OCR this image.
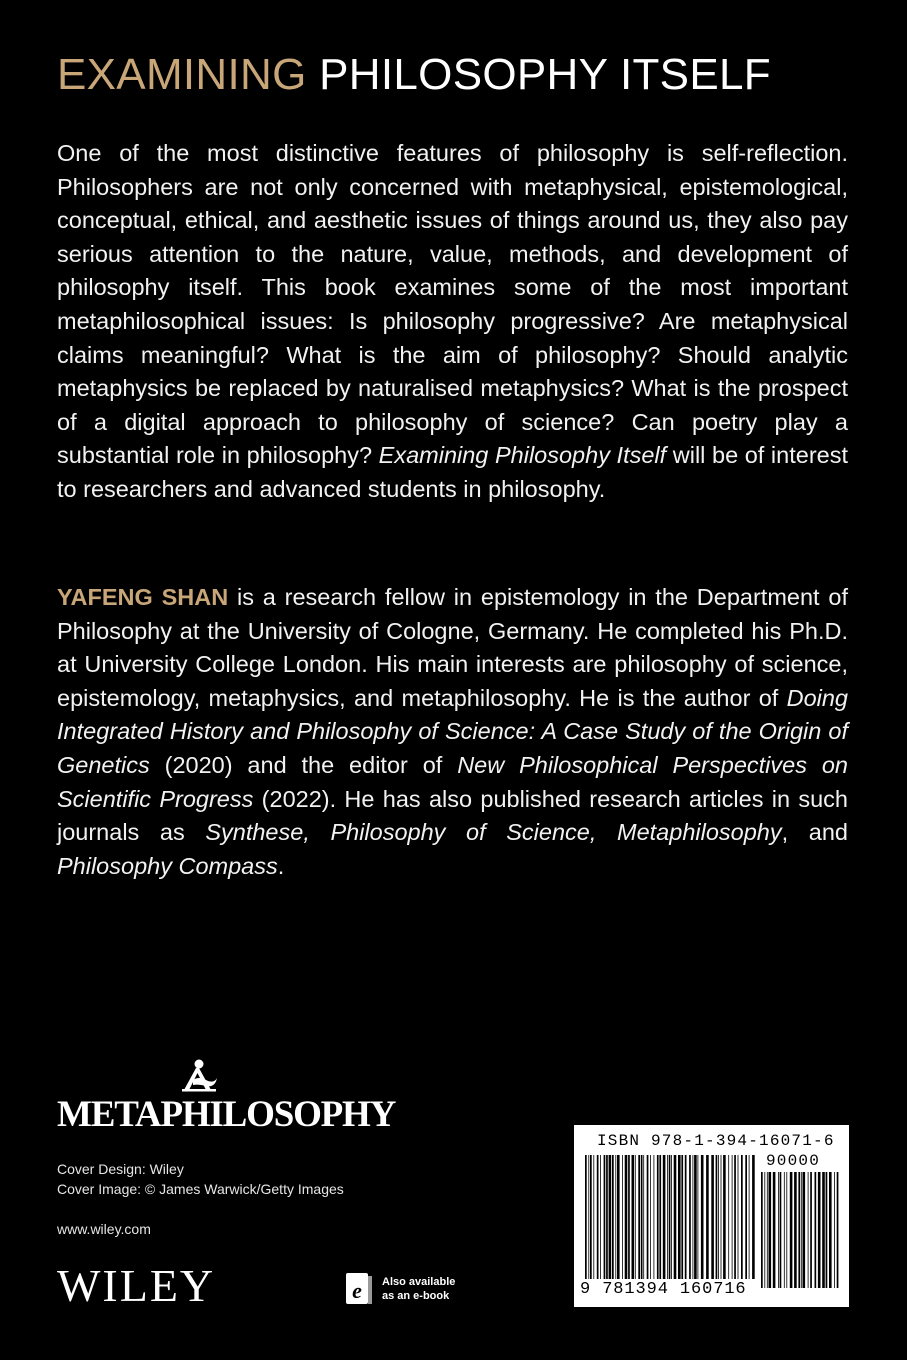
EXAMINING PHILOSOPHY ITSELF

One of the most distinctive features of philosophy is self-reflection. Philosophers are not only concerned with metaphysical, epistemological, conceptual, ethical, and aesthetic issues of things around us, they also pay serious attention to the nature, value, methods, and development of philosophy itself. This book examines some of the most important metaphilosophical issues: Is philosophy progressive? Are metaphysical claims meaningful? What is the aim of philosophy? Should analytic metaphysics be replaced by naturalised metaphysics? What is the prospect of a digital approach to philosophy of science? Can poetry play a substantial role in philosophy? Examining Philosophy Itself will be of interest to researchers and advanced students in philosophy.

YAFENG SHAN is a research fellow in epistemology in the Department of Philosophy at the University of Cologne, Germany. He completed his Ph.D. at University College London. His main interests are philosophy of science, epistemology, metaphysics, and metaphilosophy. He is the author of Doing Integrated History and Philosophy of Science: A Case Study of the Origin of Genetics (2020) and the editor of New Philosophical Perspectives on Scientific Progress (2022). He has also published research articles in such journals as Synthese, Philosophy of Science, Metaphilosophy, and Philosophy Compass.

METAPHILOSOPHY

Cover Design: Wiley
Cover Image: © James Warwick/Getty Images
www.wiley.com

WILEY	e Also available
as an e-book
ISBN 978-1-394-16071-6
90000
9 781394 160716
